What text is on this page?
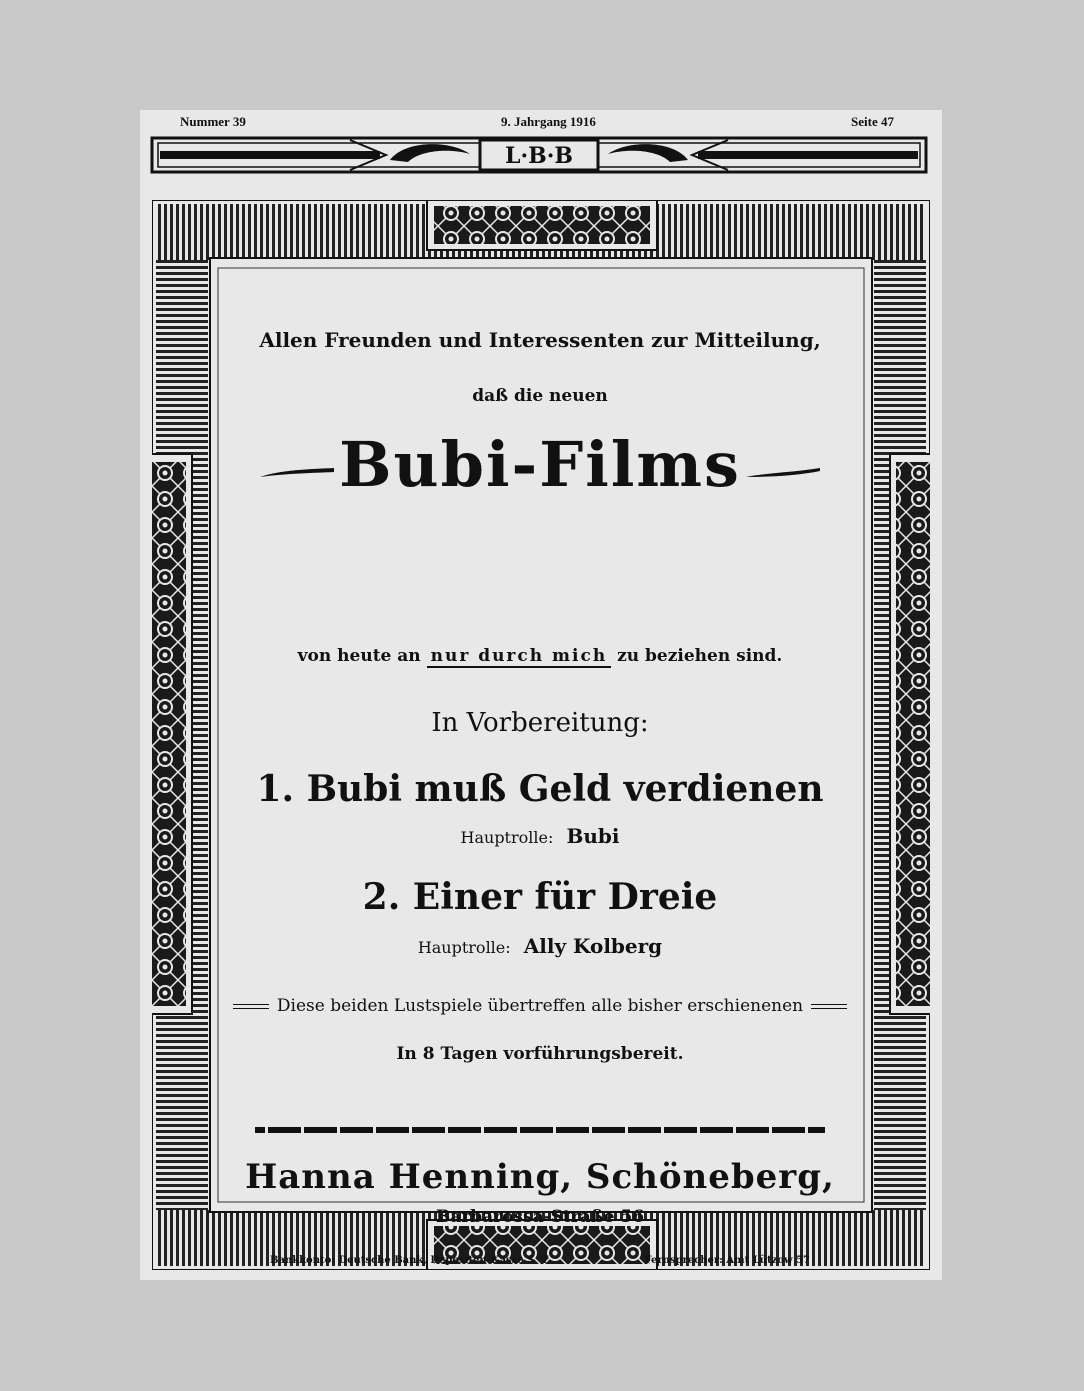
Nummer 39	9. Jahrgang 1916	Seite 47
L·B·B
Allen Freunden und Interessenten zur Mitteilung,
daß die neuen
Bubi-Films
von heute an nur durch mich zu beziehen sind.
In Vorbereitung:
1. Bubi muß Geld verdienen
Hauptrolle: Bubi
2. Einer für Dreie
Hauptrolle: Ally Kolberg
Diese beiden Lustspiele übertreffen alle bisher erschienenen
In 8 Tagen vorführungsbereit.
Hanna Henning, Schöneberg,
Barbarossa-Straße 56
Bankkonto: Deutsche Bank, Depositen-Kasse S. T.	Fernsprecher: Amt Lützow 57
